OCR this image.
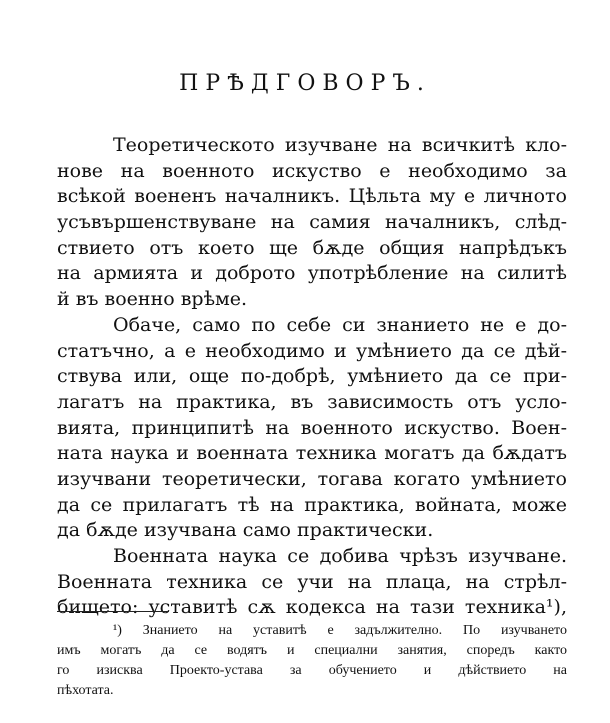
ПРѢДГОВОРЪ.
Теоретическото изучване на всичкитѣ кло-
нове на военното искуство е необходимо за
всѣкой воененъ началникъ. Цѣльта му е личното
усъвършенствуване на самия началникъ, слѣд-
ствието отъ което ще бѫде общия напрѣдъкъ
на армията и доброто употрѣбление на силитѣ
й въ военно врѣме.
Обаче, само по себе си знанието не е до-
статъчно, а е необходимо и умѣнието да се дѣй-
ствува или, още по-добрѣ, умѣнието да се при-
лагатъ на практика, въ зависимость отъ усло-
вията, принципитѣ на военното искуство. Воен-
ната наука и военната техника могатъ да бѫдатъ
изучвани теоретически, тогава когато умѣнието
да се прилагатъ тѣ на практика, войната, може
да бѫде изучвана само практически.
Военната наука се добива чрѣзъ изучване.
Военната техника се учи на плаца, на стрѣл-
бището: уставитѣ сѫ кодекса на тази техника¹),
¹) Знанието на уставитѣ е задължително. По изучването
имъ могатъ да се водятъ и специални занятия, споредъ както
го изисква Проекто-устава за обучението и дѣйствието на
пѣхотата.
